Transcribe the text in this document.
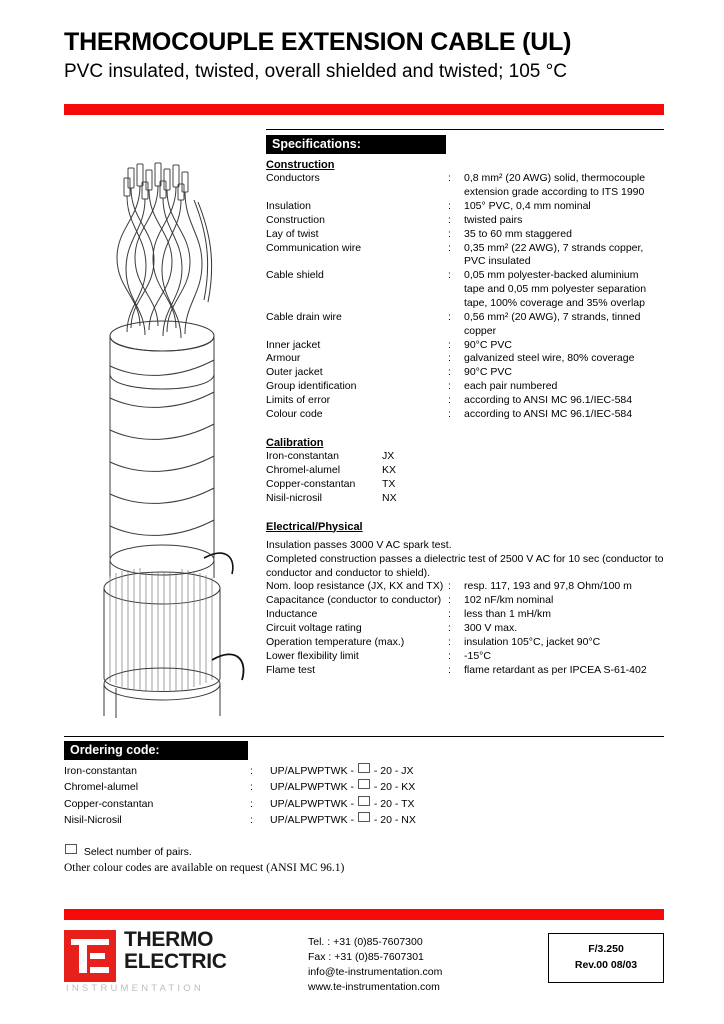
THERMOCOUPLE EXTENSION CABLE (UL)
PVC insulated, twisted, overall shielded and twisted; 105 °C
Specifications:
Construction
Conductors	:	0,8 mm² (20 AWG) solid, thermocouple
extension grade according to ITS 1990
Insulation	:	105° PVC, 0,4 mm nominal
Construction	:	twisted pairs
Lay of twist	:	35 to 60 mm staggered
Communication wire	:	0,35 mm² (22 AWG), 7 strands copper,
PVC insulated
Cable shield	:	0,05 mm polyester-backed aluminium
tape and 0,05 mm polyester separation
tape, 100% coverage and 35% overlap
Cable drain wire	:	0,56 mm² (20 AWG), 7 strands, tinned
copper
Inner jacket	:	90°C PVC
Armour	:	galvanized steel wire, 80% coverage
Outer jacket	:	90°C PVC
Group identification	:	each pair numbered
Limits of error	:	according to ANSI MC 96.1/IEC-584
Colour code	:	according to ANSI MC 96.1/IEC-584
Calibration
Iron-constantan	JX
Chromel-alumel	KX
Copper-constantan	TX
Nisil-nicrosil	NX
Electrical/Physical

Insulation passes 3000 V AC spark test.

Completed construction passes a dielectric test of 2500 V AC for 10 sec (conductor to conductor and conductor to shield).

Nom. loop resistance (JX, KX and TX)	:	resp. 117, 193 and 97,8 Ohm/100 m
Capacitance (conductor to conductor)	:	102 nF/km nominal
Inductance	:	less than 1 mH/km
Circuit voltage rating	:	300 V max.
Operation temperature (max.)	:	insulation 105°C, jacket 90°C
Lower flexibility limit	:	-15°C
Flame test	:	flame retardant as per IPCEA S-61-402
Ordering code:
Iron-constantan	:	UP/ALPWPTWK -  - 20 - JX
Chromel-alumel	:	UP/ALPWPTWK -  - 20 - KX
Copper-constantan	:	UP/ALPWPTWK -  - 20 - TX
Nisil-Nicrosil	:	UP/ALPWPTWK -  - 20 - NX

Select number of pairs.

Other colour codes are available on request (ANSI MC 96.1)

THERMO
ELECTRIC
INSTRUMENTATION
Tel. : +31 (0)85-7607300
Fax : +31 (0)85-7607301
info@te-instrumentation.com
www.te-instrumentation.com
F/3.250
Rev.00 08/03
